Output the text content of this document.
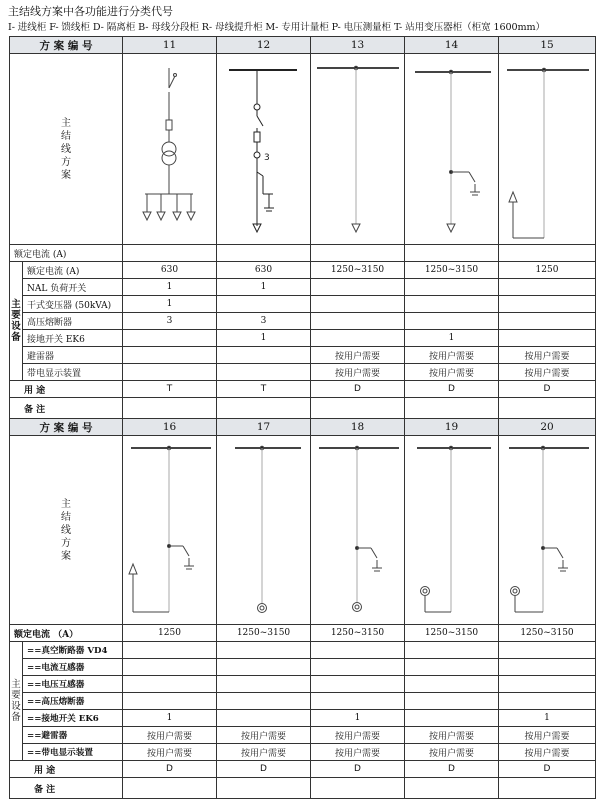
主结线方案中各功能进行分类代号
I- 进线柜 F- 馈线柜 D- 隔离柜 B- 母线分段柜 R- 母线提升柜 M- 专用计量柜 P- 电压测量柜 T- 站用变压器柜（柜宽 1600mm）
方 案 编 号		11	12	13	14	15

主结线方案			3

额定电流 (A)						
主要设备	额定电流 (A)	630	630	1250~3150	1250~3150	1250
	NAL 负荷开关	1	1			
	干式变压器 (50kVA)	1				
	高压熔断器	3	3			
	接地开关 EK6		1		1	
	避雷器			按用户需要	按用户需要	按用户需要
	带电显示装置			按用户需要	按用户需要	按用户需要
用 途		T	T	D	D	D
备 注						
方 案 编 号		16	17	18	19	20

主结线方案

额定电流 （A）		1250	1250~3150	1250~3150	1250~3150	1250~3150
主要设备	==真空断路器 VD4					
	==电流互感器					
	==电压互感器					
	==高压熔断器					
	==接地开关 EK6	1		1		1
	==避雷器	按用户需要	按用户需要	按用户需要	按用户需要	按用户需要
	==带电显示装置	按用户需要	按用户需要	按用户需要	按用户需要	按用户需要
用 途		D	D	D	D	D
备 注						
